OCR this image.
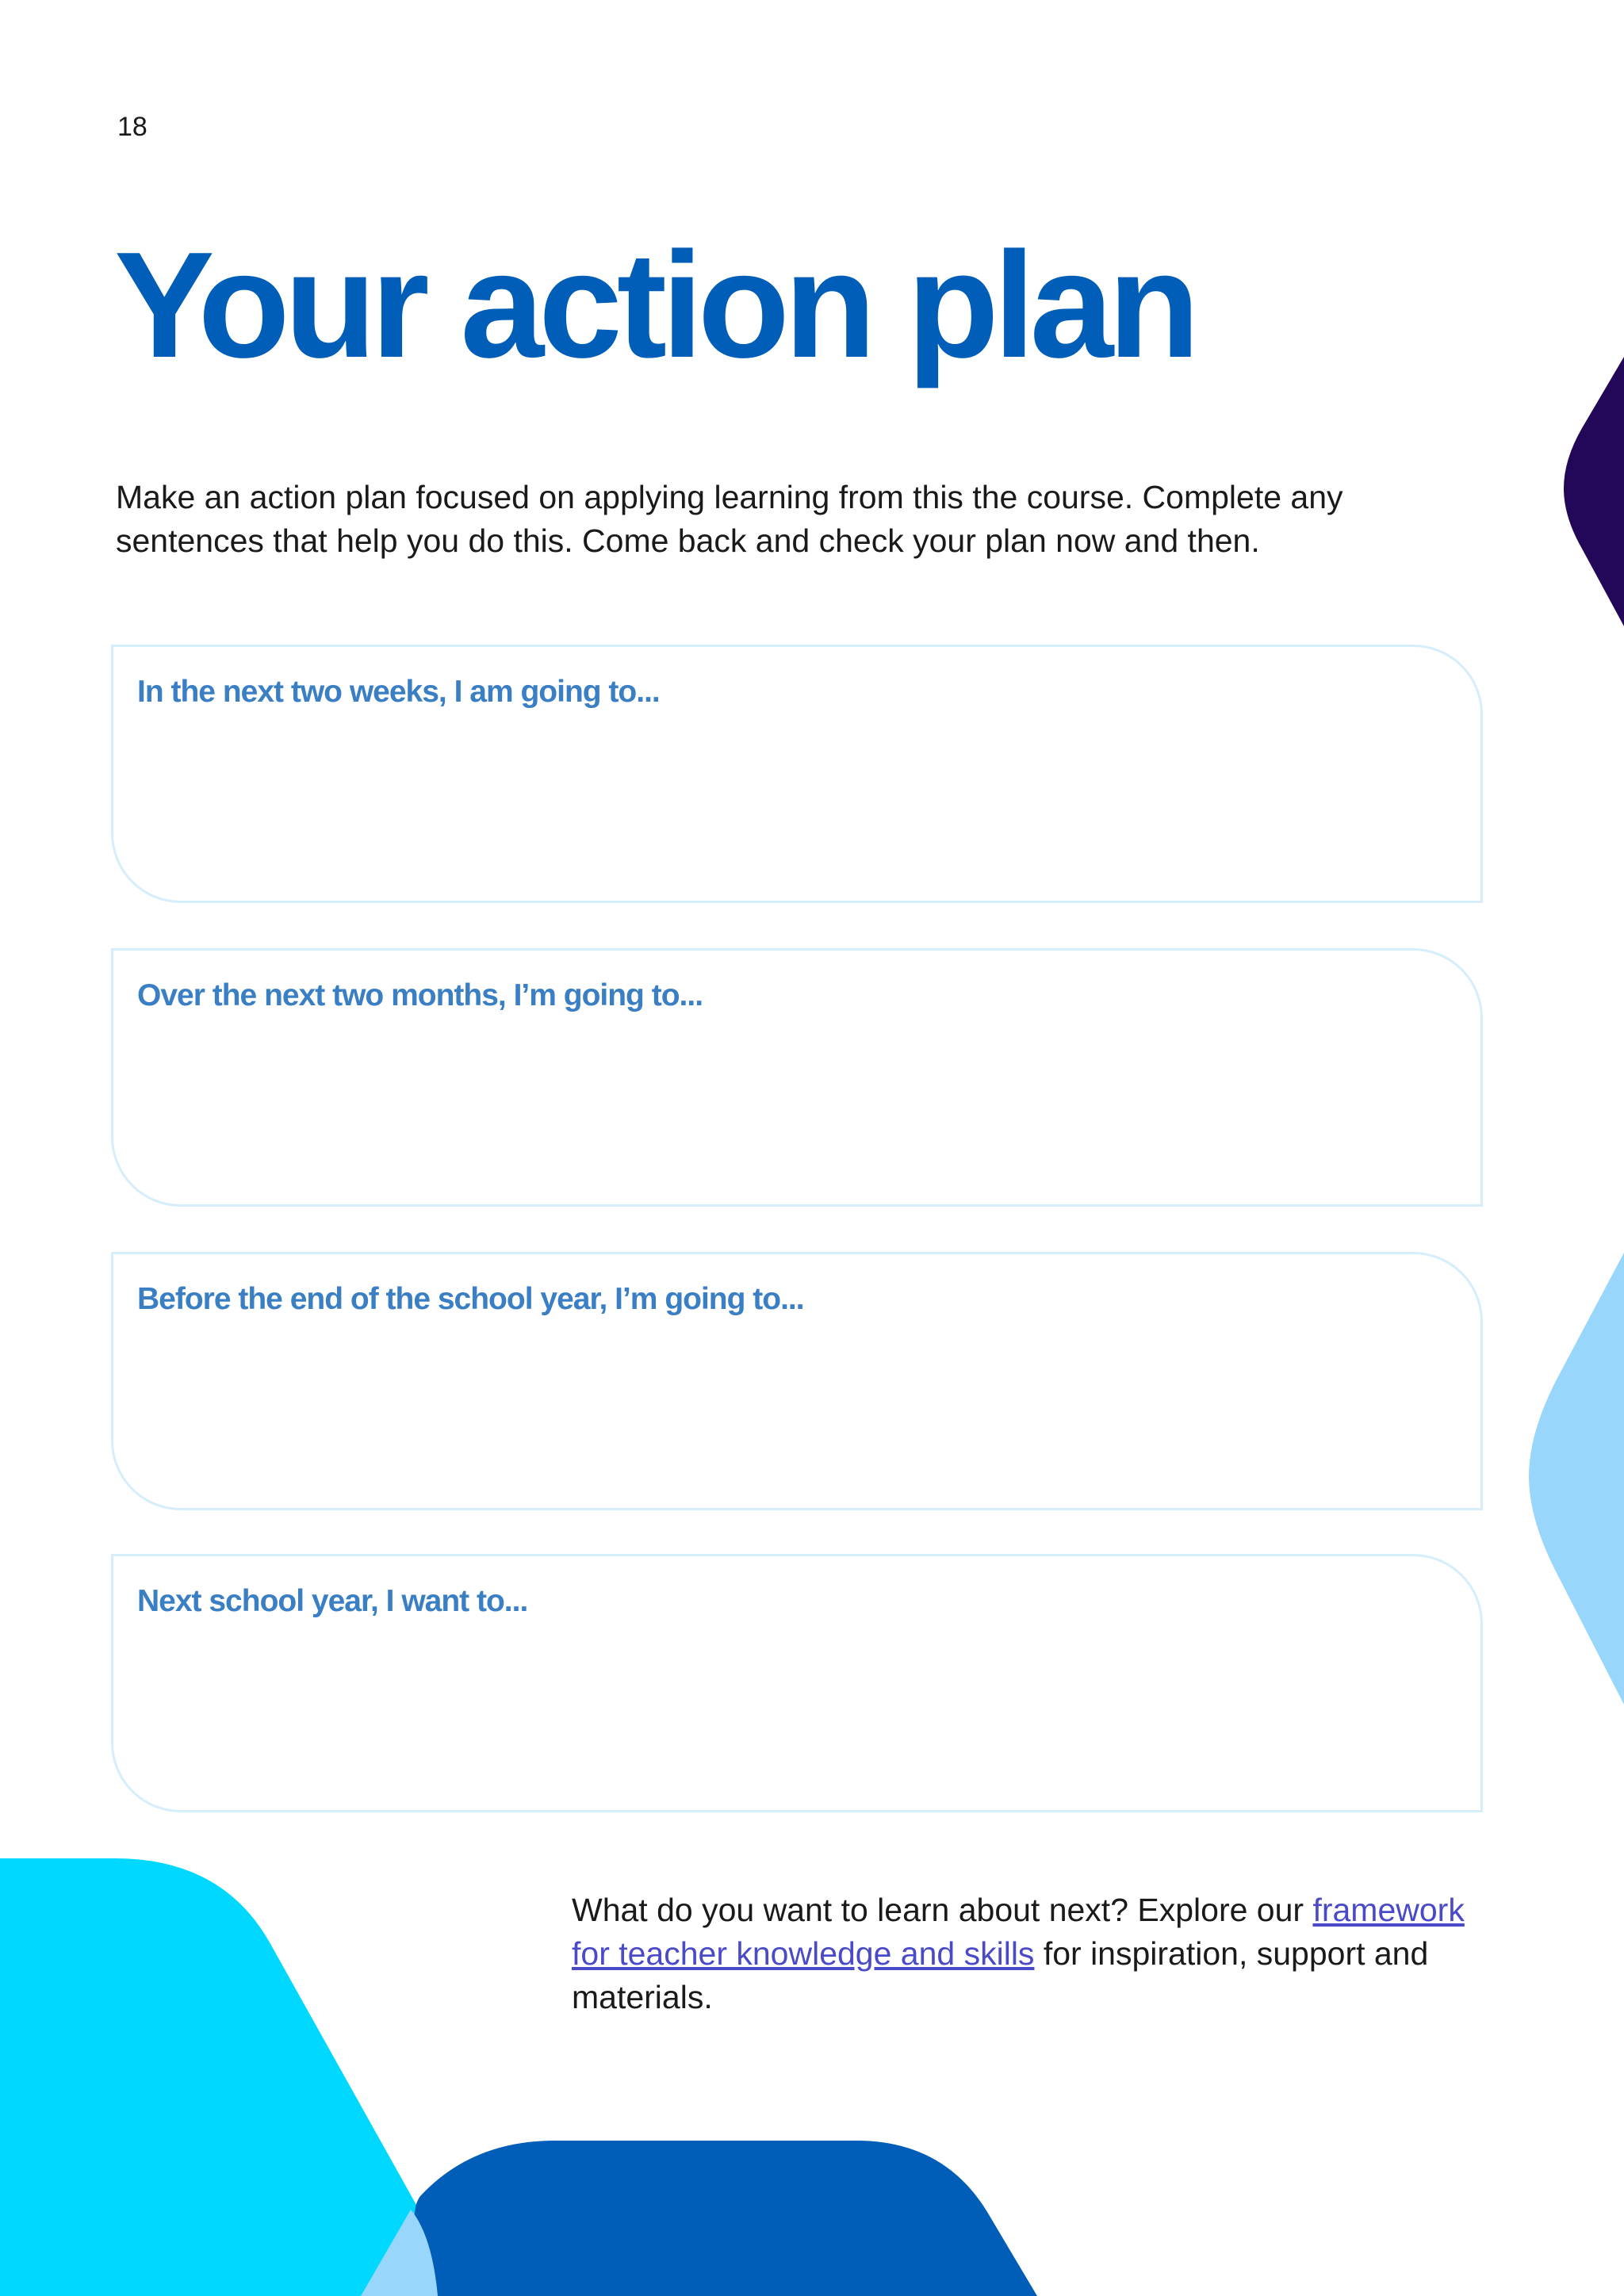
18
Your action plan

Make an action plan focused on applying learning from this the course. Complete any sentences that help you do this. Come back and check your plan now and then.

In the next two weeks, I am going to...
Over the next two months, I’m going to...
Before the end of the school year, I’m going to...
Next school year, I want to...

What do you want to learn about next? Explore our framework for teacher knowledge and skills for inspiration, support and materials.
